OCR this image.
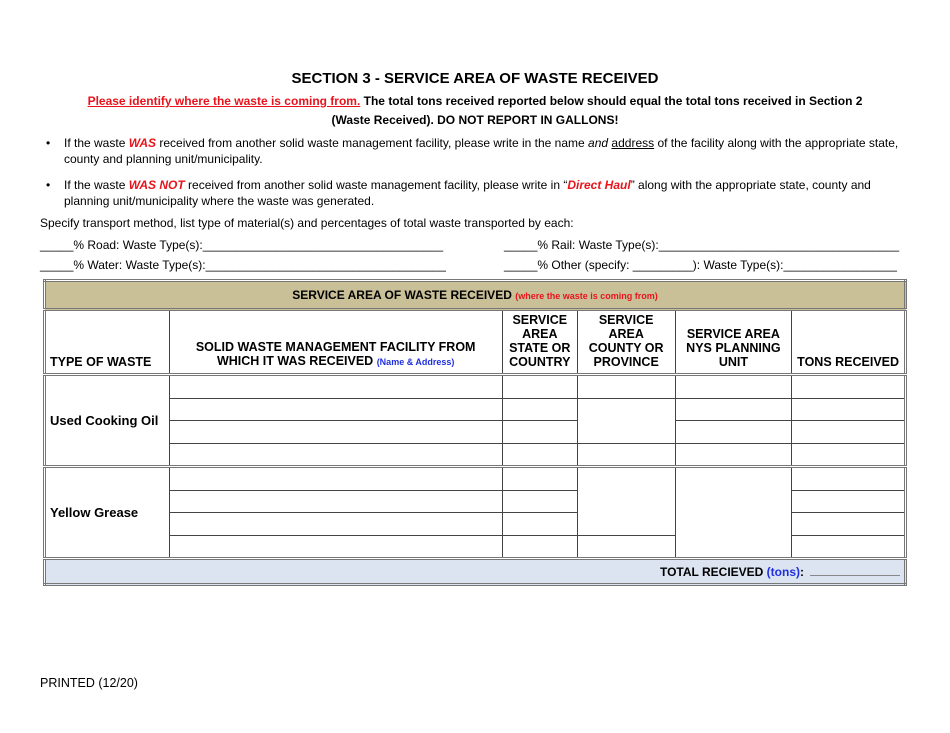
SECTION 3 - SERVICE AREA OF WASTE RECEIVED
Please identify where the waste is coming from. The total tons received reported below should equal the total tons received in Section 2
(Waste Received). DO NOT REPORT IN GALLONS!
• If the waste WAS received from another solid waste management facility, please write in the name and address of the facility along with the appropriate state, county and planning unit/municipality.
• If the waste WAS NOT received from another solid waste management facility, please write in “Direct Haul” along with the appropriate state, county and planning unit/municipality where the waste was generated.
Specify transport method, list type of material(s) and percentages of total waste transported by each:
_____% Road: Waste Type(s):____________________________________	_____% Rail: Waste Type(s):____________________________________
_____% Water: Waste Type(s):____________________________________	_____% Other (specify: _________): Waste Type(s):_________________
SERVICE AREA OF WASTE RECEIVED (where the waste is coming from)					
TYPE OF WASTE	SOLID WASTE MANAGEMENT FACILITY FROM WHICH IT WAS RECEIVED (Name & Address)	SERVICE AREA STATE OR COUNTRY	SERVICE AREA COUNTY OR PROVINCE	SERVICE AREA NYS PLANNING UNIT	TONS RECEIVED
Used Cooking Oil					

Yellow Grease					

TOTAL RECIEVED (tons):					
PRINTED (12/20)
